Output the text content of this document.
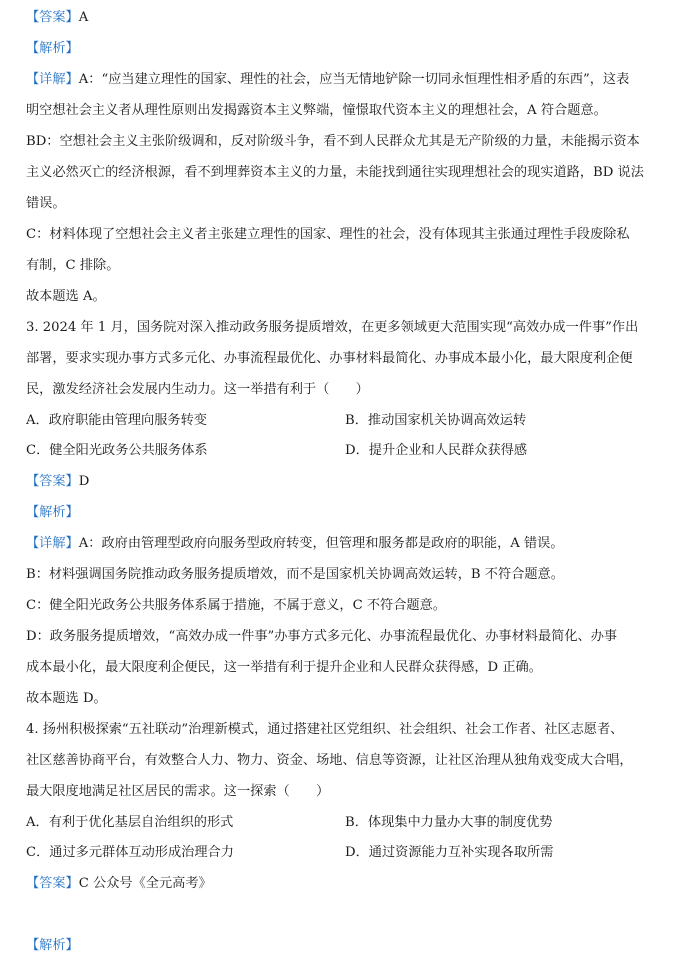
【答案】A
【解析】
【详解】A：“应当建立理性的国家、理性的社会，应当无情地铲除一切同永恒理性相矛盾的东西”，这表
明空想社会主义者从理性原则出发揭露资本主义弊端，憧憬取代资本主义的理想社会，A 符合题意。
BD：空想社会主义主张阶级调和，反对阶级斗争，看不到人民群众尤其是无产阶级的力量，未能揭示资本
主义必然灭亡的经济根源，看不到埋葬资本主义的力量，未能找到通往实现理想社会的现实道路，BD 说法
错误。
C：材料体现了空想社会主义者主张建立理性的国家、理性的社会，没有体现其主张通过理性手段废除私
有制，C 排除。
故本题选 A。
3. 2024 年 1 月，国务院对深入推动政务服务提质增效，在更多领域更大范围实现“高效办成一件事”作出
部署，要求实现办事方式多元化、办事流程最优化、办事材料最简化、办事成本最小化，最大限度利企便
民，激发经济社会发展内生动力。这一举措有利于（　　）
A．政府职能由管理向服务转变	B．推动国家机关协调高效运转
C．健全阳光政务公共服务体系	D．提升企业和人民群众获得感
【答案】D
【解析】
【详解】A：政府由管理型政府向服务型政府转变，但管理和服务都是政府的职能，A 错误。
B：材料强调国务院推动政务服务提质增效，而不是国家机关协调高效运转，B 不符合题意。
C：健全阳光政务公共服务体系属于措施，不属于意义，C 不符合题意。
D：政务服务提质增效，“高效办成一件事”办事方式多元化、办事流程最优化、办事材料最简化、办事
成本最小化，最大限度利企便民，这一举措有利于提升企业和人民群众获得感，D 正确。
故本题选 D。
4. 扬州积极探索“五社联动”治理新模式，通过搭建社区党组织、社会组织、社会工作者、社区志愿者、
社区慈善协商平台，有效整合人力、物力、资金、场地、信息等资源，让社区治理从独角戏变成大合唱，
最大限度地满足社区居民的需求。这一探索（　　）
A．有利于优化基层自治组织的形式	B．体现集中力量办大事的制度优势
C．通过多元群体互动形成治理合力	D．通过资源能力互补实现各取所需
【答案】C 公众号《全元高考》
【解析】
